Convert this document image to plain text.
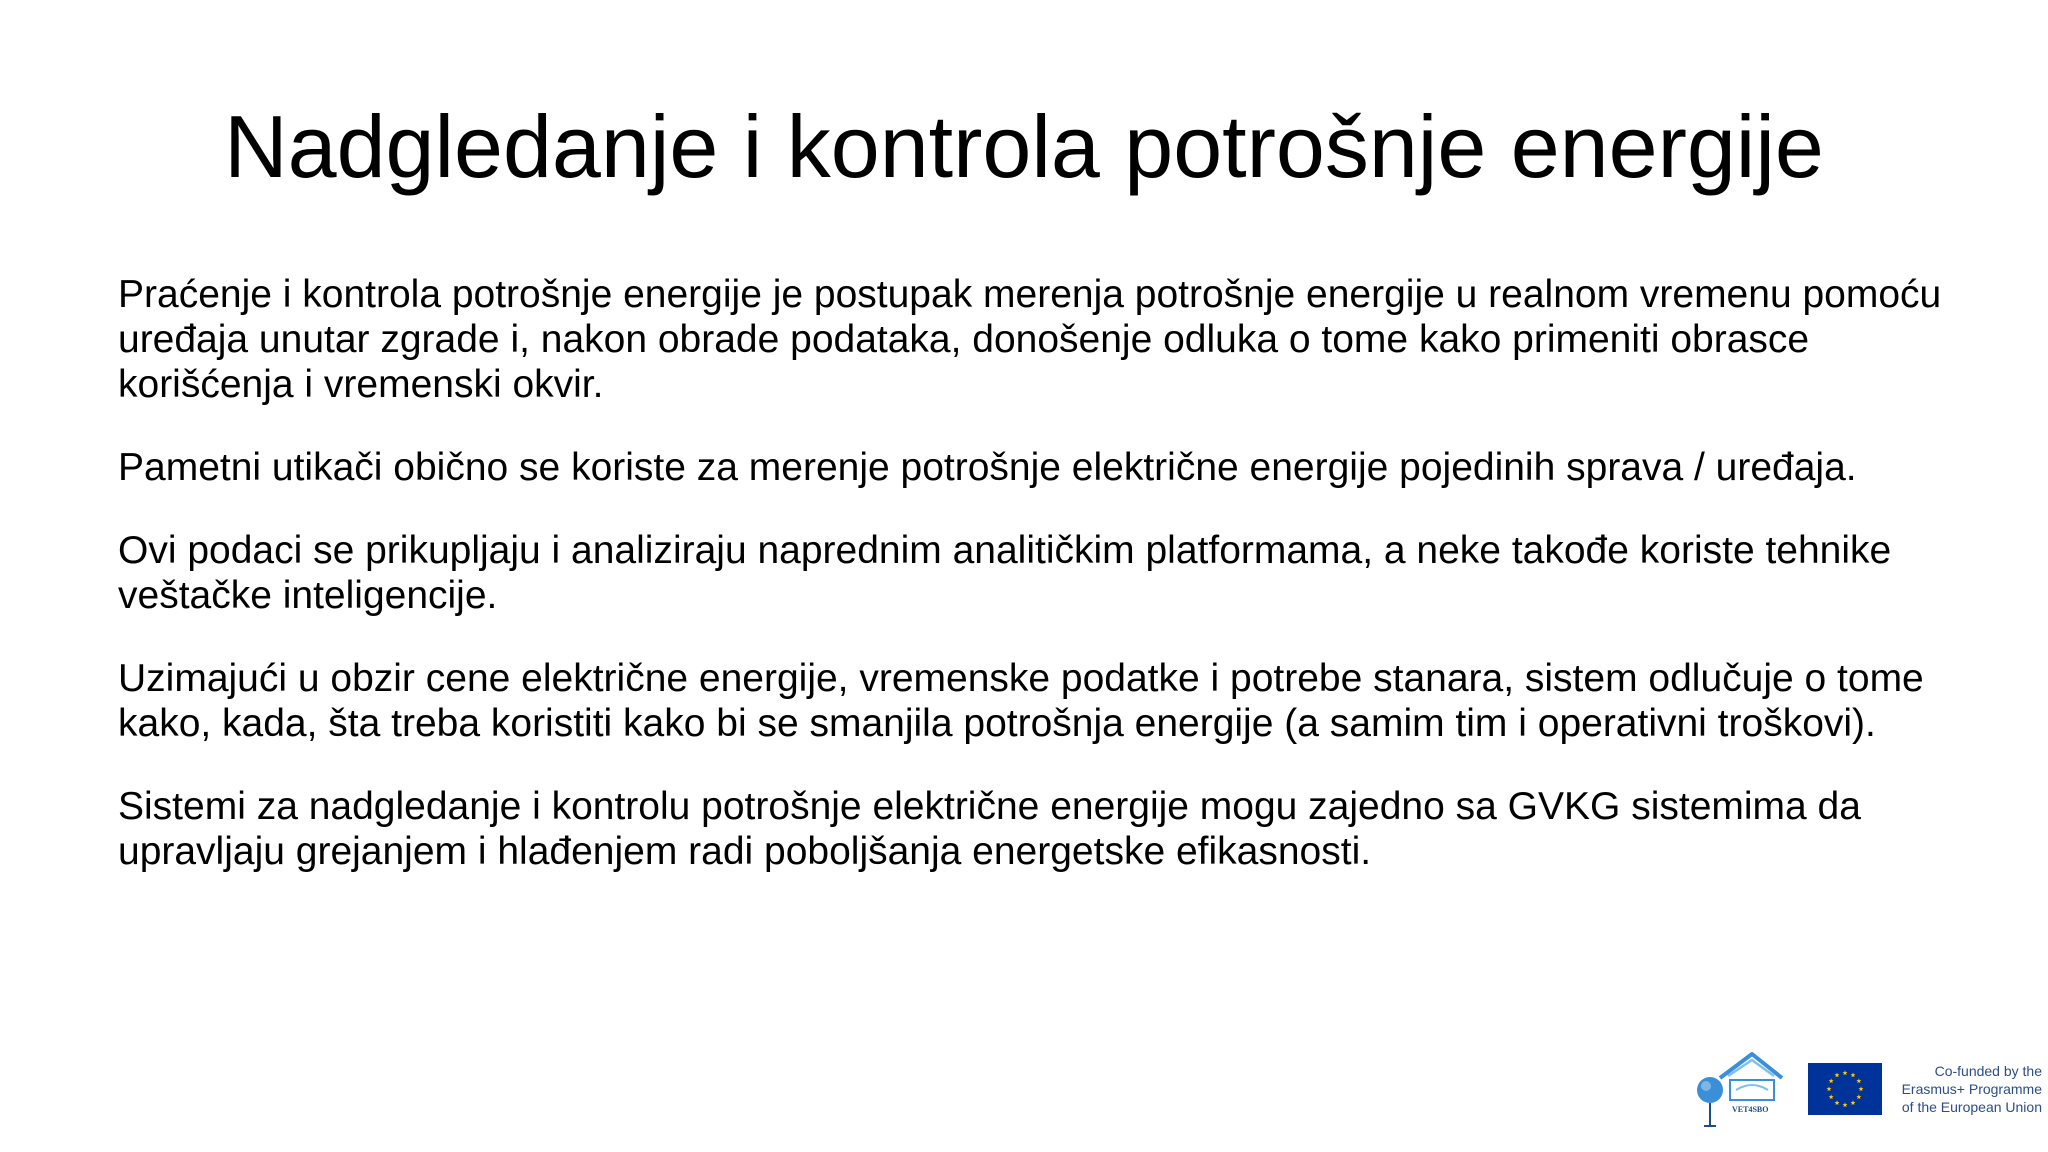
Nadgledanje i kontrola potrošnje energije

Praćenje i kontrola potrošnje energije je postupak merenja potrošnje energije u realnom vremenu pomoću uređaja unutar zgrade i, nakon obrade podataka, donošenje odluka o tome kako primeniti obrasce korišćenja i vremenski okvir.

Pametni utikači obično se koriste za merenje potrošnje električne energije pojedinih sprava / uređaja.

Ovi podaci se prikupljaju i analiziraju naprednim analitičkim platformama, a neke takođe koriste tehnike veštačke inteligencije.

Uzimajući u obzir cene električne energije, vremenske podatke i potrebe stanara, sistem odlučuje o tome kako, kada, šta treba koristiti kako bi se smanjila potrošnja energije (a samim tim i operativni troškovi).

Sistemi za nadgledanje i kontrolu potrošnje električne energije mogu zajedno sa GVKG sistemima da upravljaju grejanjem i hlađenjem radi poboljšanja energetske efikasnosti.

VET4SBO
Co-funded by the
Erasmus+ Programme
of the European Union
